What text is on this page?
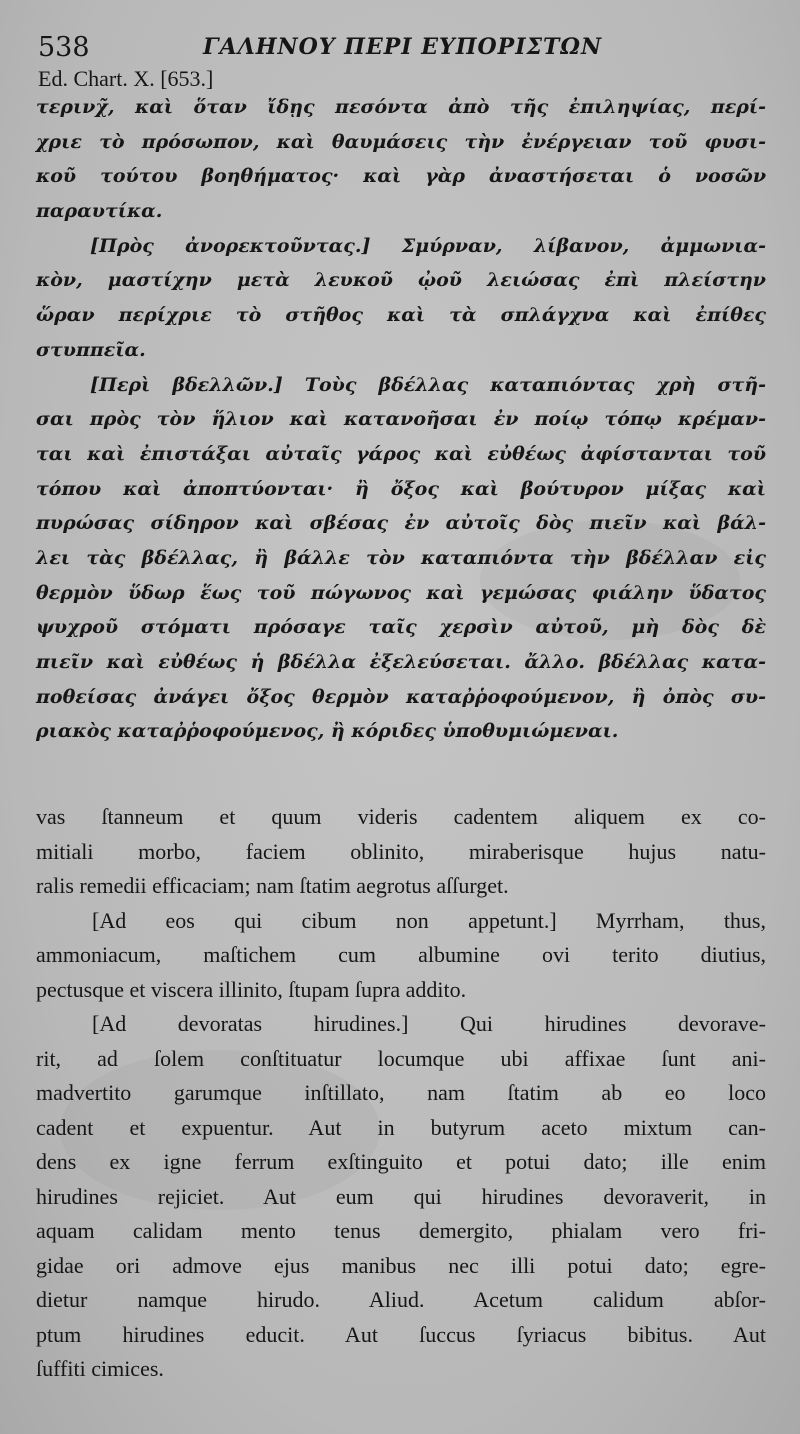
538	ΓΑΛΗΝΟΥ ΠΕΡΙ ΕΥΠΟΡΙΣΤΩΝ
Ed. Chart. X. [653.]
τερινχ̃, καὶ ὅταν ἴδῃς πεσόντα ἀπὸ τῆς ἐπιληψίας, περί-
χριε τὸ πρόσωπον, καὶ θαυμάσεις τὴν ἐνέργειαν τοῦ φυσι-
κοῦ τούτου βοηθήματος· καὶ γὰρ ἀναστήσεται ὁ νοσῶν
παραυτίκα.
[Πρὸς ἀνορεκτοῦντας.] Σμύρναν, λίβανον, ἀμμωνια-
κὸν, μαστίχην μετὰ λευκοῦ ᾠοῦ λειώσας ἐπὶ πλείστην
ὥραν περίχριε τὸ στῆθος καὶ τὰ σπλάγχνα καὶ ἐπίθες
στυππεῖα.
[Περὶ βδελλῶν.] Τοὺς βδέλλας καταπιόντας χρὴ στῆ-
σαι πρὸς τὸν ἥλιον καὶ κατανοῆσαι ἐν ποίῳ τόπῳ κρέμαν-
ται καὶ ἐπιστάξαι αὐταῖς γάρος καὶ εὐθέως ἀφίστανται τοῦ
τόπου καὶ ἀποπτύονται· ἢ ὄξος καὶ βούτυρον μίξας καὶ
πυρώσας σίδηρον καὶ σβέσας ἐν αὐτοῖς δὸς πιεῖν καὶ βάλ-
λει τὰς βδέλλας, ἢ βάλλε τὸν καταπιόντα τὴν βδέλλαν εἰς
θερμὸν ὕδωρ ἕως τοῦ πώγωνος καὶ γεμώσας φιάλην ὕδατος
ψυχροῦ στόματι πρόσαγε ταῖς χερσὶν αὐτοῦ, μὴ δὸς δὲ
πιεῖν καὶ εὐθέως ἡ βδέλλα ἐξελεύσεται. ἄλλο. βδέλλας κατα-
ποθείσας ἀνάγει ὄξος θερμὸν καταῤῥοφούμενον, ἢ ὀπὸς συ-
ριακὸς καταῤῥοφούμενος, ἢ κόριδες ὑποθυμιώμεναι.
vas ſtanneum et quum videris cadentem aliquem ex co-
mitiali morbo, faciem oblinito, miraberisque hujus natu-
ralis remedii efficaciam; nam ſtatim aegrotus aſſurget.
[Ad eos qui cibum non appetunt.] Myrrham, thus,
ammoniacum, maſtichem cum albumine ovi terito diutius,
pectusque et viscera illinito, ſtupam ſupra addito.
[Ad devoratas hirudines.] Qui hirudines devorave-
rit, ad ſolem conſtituatur locumque ubi affixae ſunt ani-
madvertito garumque inſtillato, nam ſtatim ab eo loco
cadent et expuentur. Aut in butyrum aceto mixtum can-
dens ex igne ferrum exſtinguito et potui dato; ille enim
hirudines rejiciet. Aut eum qui hirudines devoraverit, in
aquam calidam mento tenus demergito, phialam vero fri-
gidae ori admove ejus manibus nec illi potui dato; egre-
dietur namque hirudo. Aliud. Acetum calidum abſor-
ptum hirudines educit. Aut ſuccus ſyriacus bibitus. Aut
ſuffiti cimices.
